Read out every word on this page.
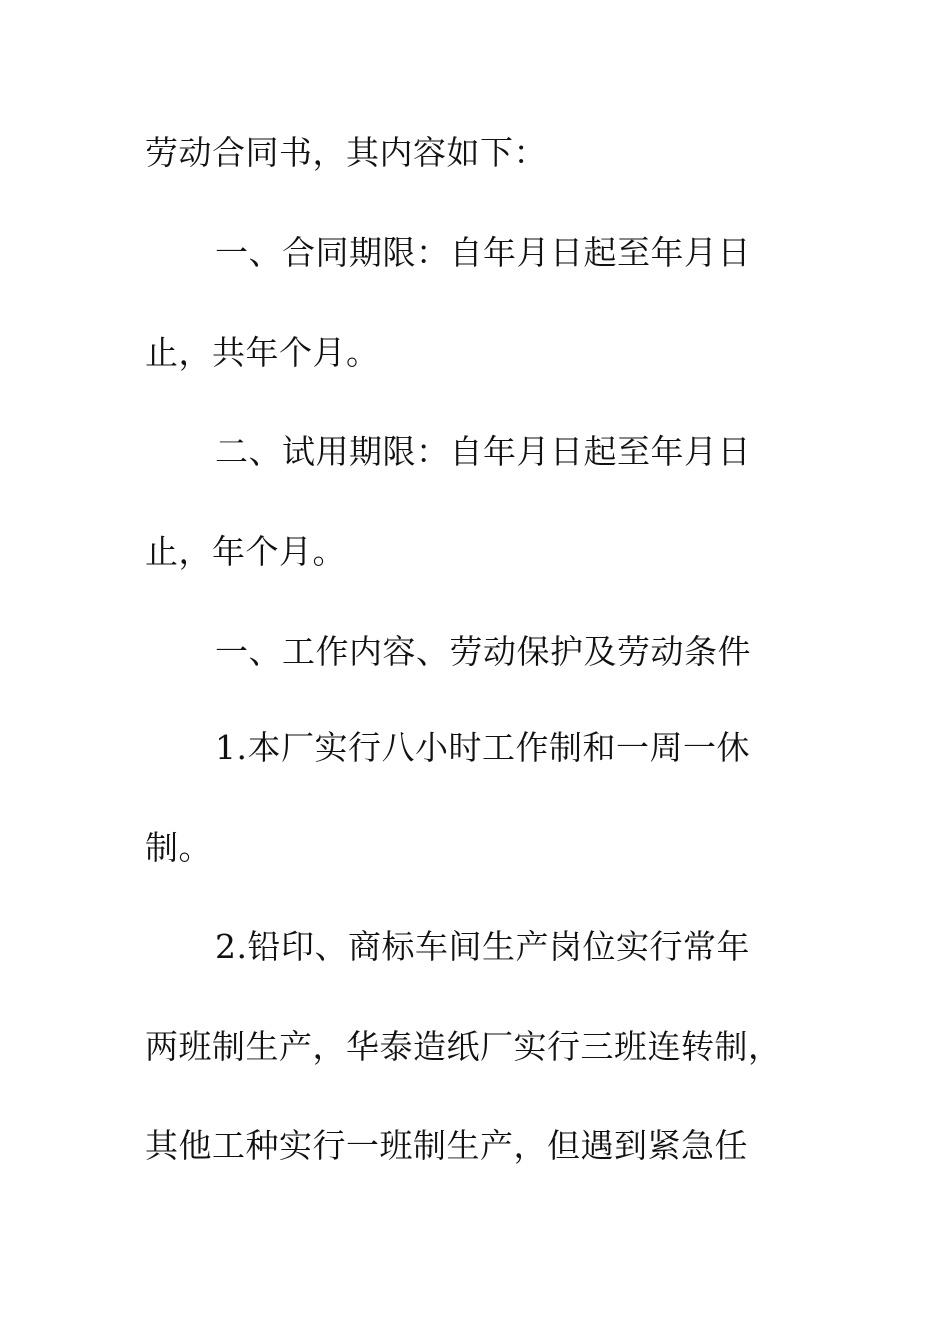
劳动合同书，其内容如下：
一、合同期限：自年月日起至年月日
止，共年个月。
二、试用期限：自年月日起至年月日
止，年个月。
一、工作内容、劳动保护及劳动条件
1.本厂实行八小时工作制和一周一休
制。
2.铅印、商标车间生产岗位实行常年
两班制生产，华泰造纸厂实行三班连转制，
其他工种实行一班制生产，但遇到紧急任
